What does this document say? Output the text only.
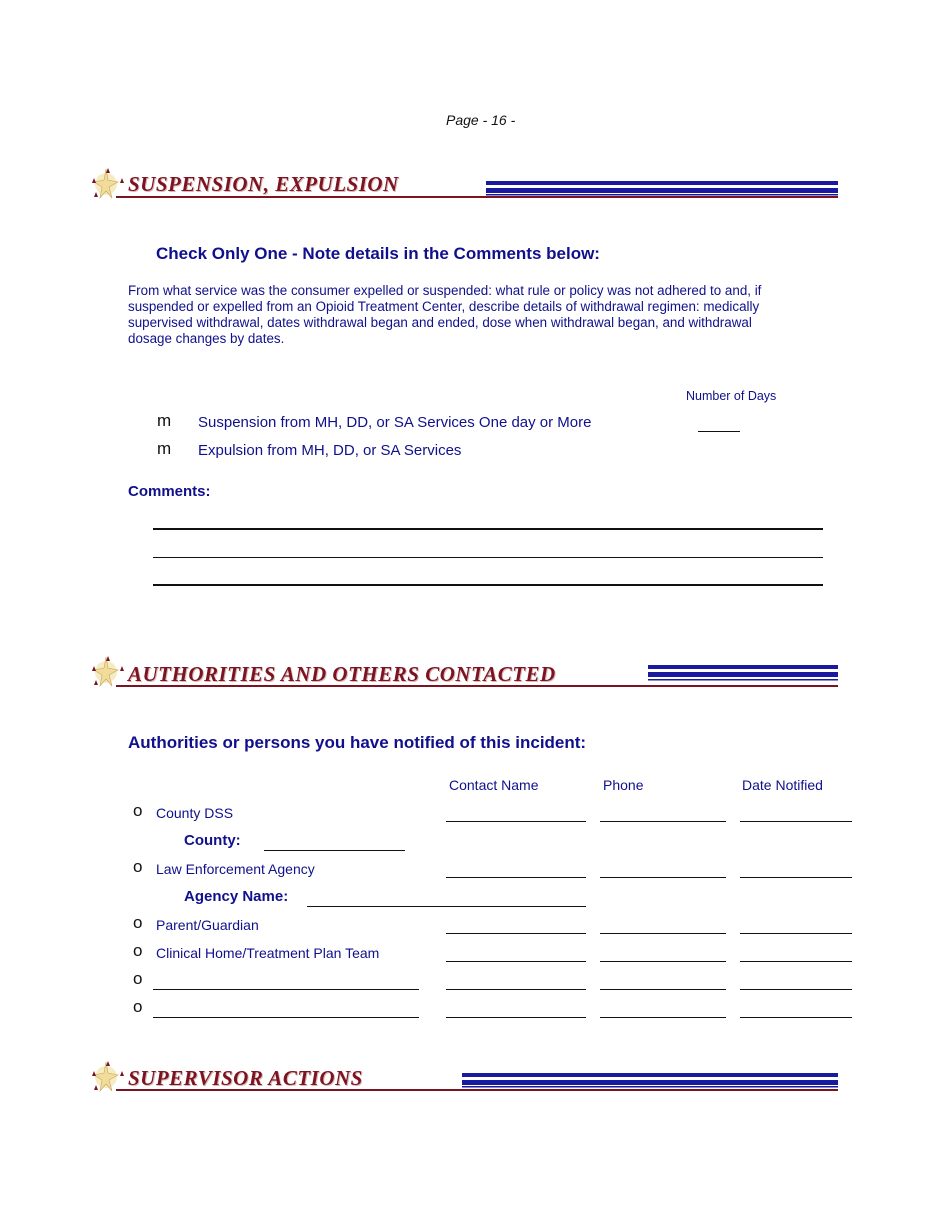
Page - 16 -
SUSPENSION, EXPULSION
Check Only One - Note details in the Comments below:
From what service was the consumer expelled or suspended: what rule or policy was not adhered to and, if suspended or expelled from an Opioid Treatment Center, describe details of withdrawal regimen: medically supervised withdrawal, dates withdrawal began and ended, dose when withdrawal began, and withdrawal dosage changes by dates.
Number of Days
m Suspension from MH, DD, or SA Services One day or More
m Expulsion from MH, DD, or SA Services
Comments:
AUTHORITIES AND OTHERS CONTACTED
Authorities or persons you have notified of this incident:
Contact Name	Phone	Date Notified
o County DSS
County:
o Law Enforcement Agency
Agency Name:
o Parent/Guardian
o Clinical Home/Treatment Plan Team
o
o
SUPERVISOR ACTIONS
